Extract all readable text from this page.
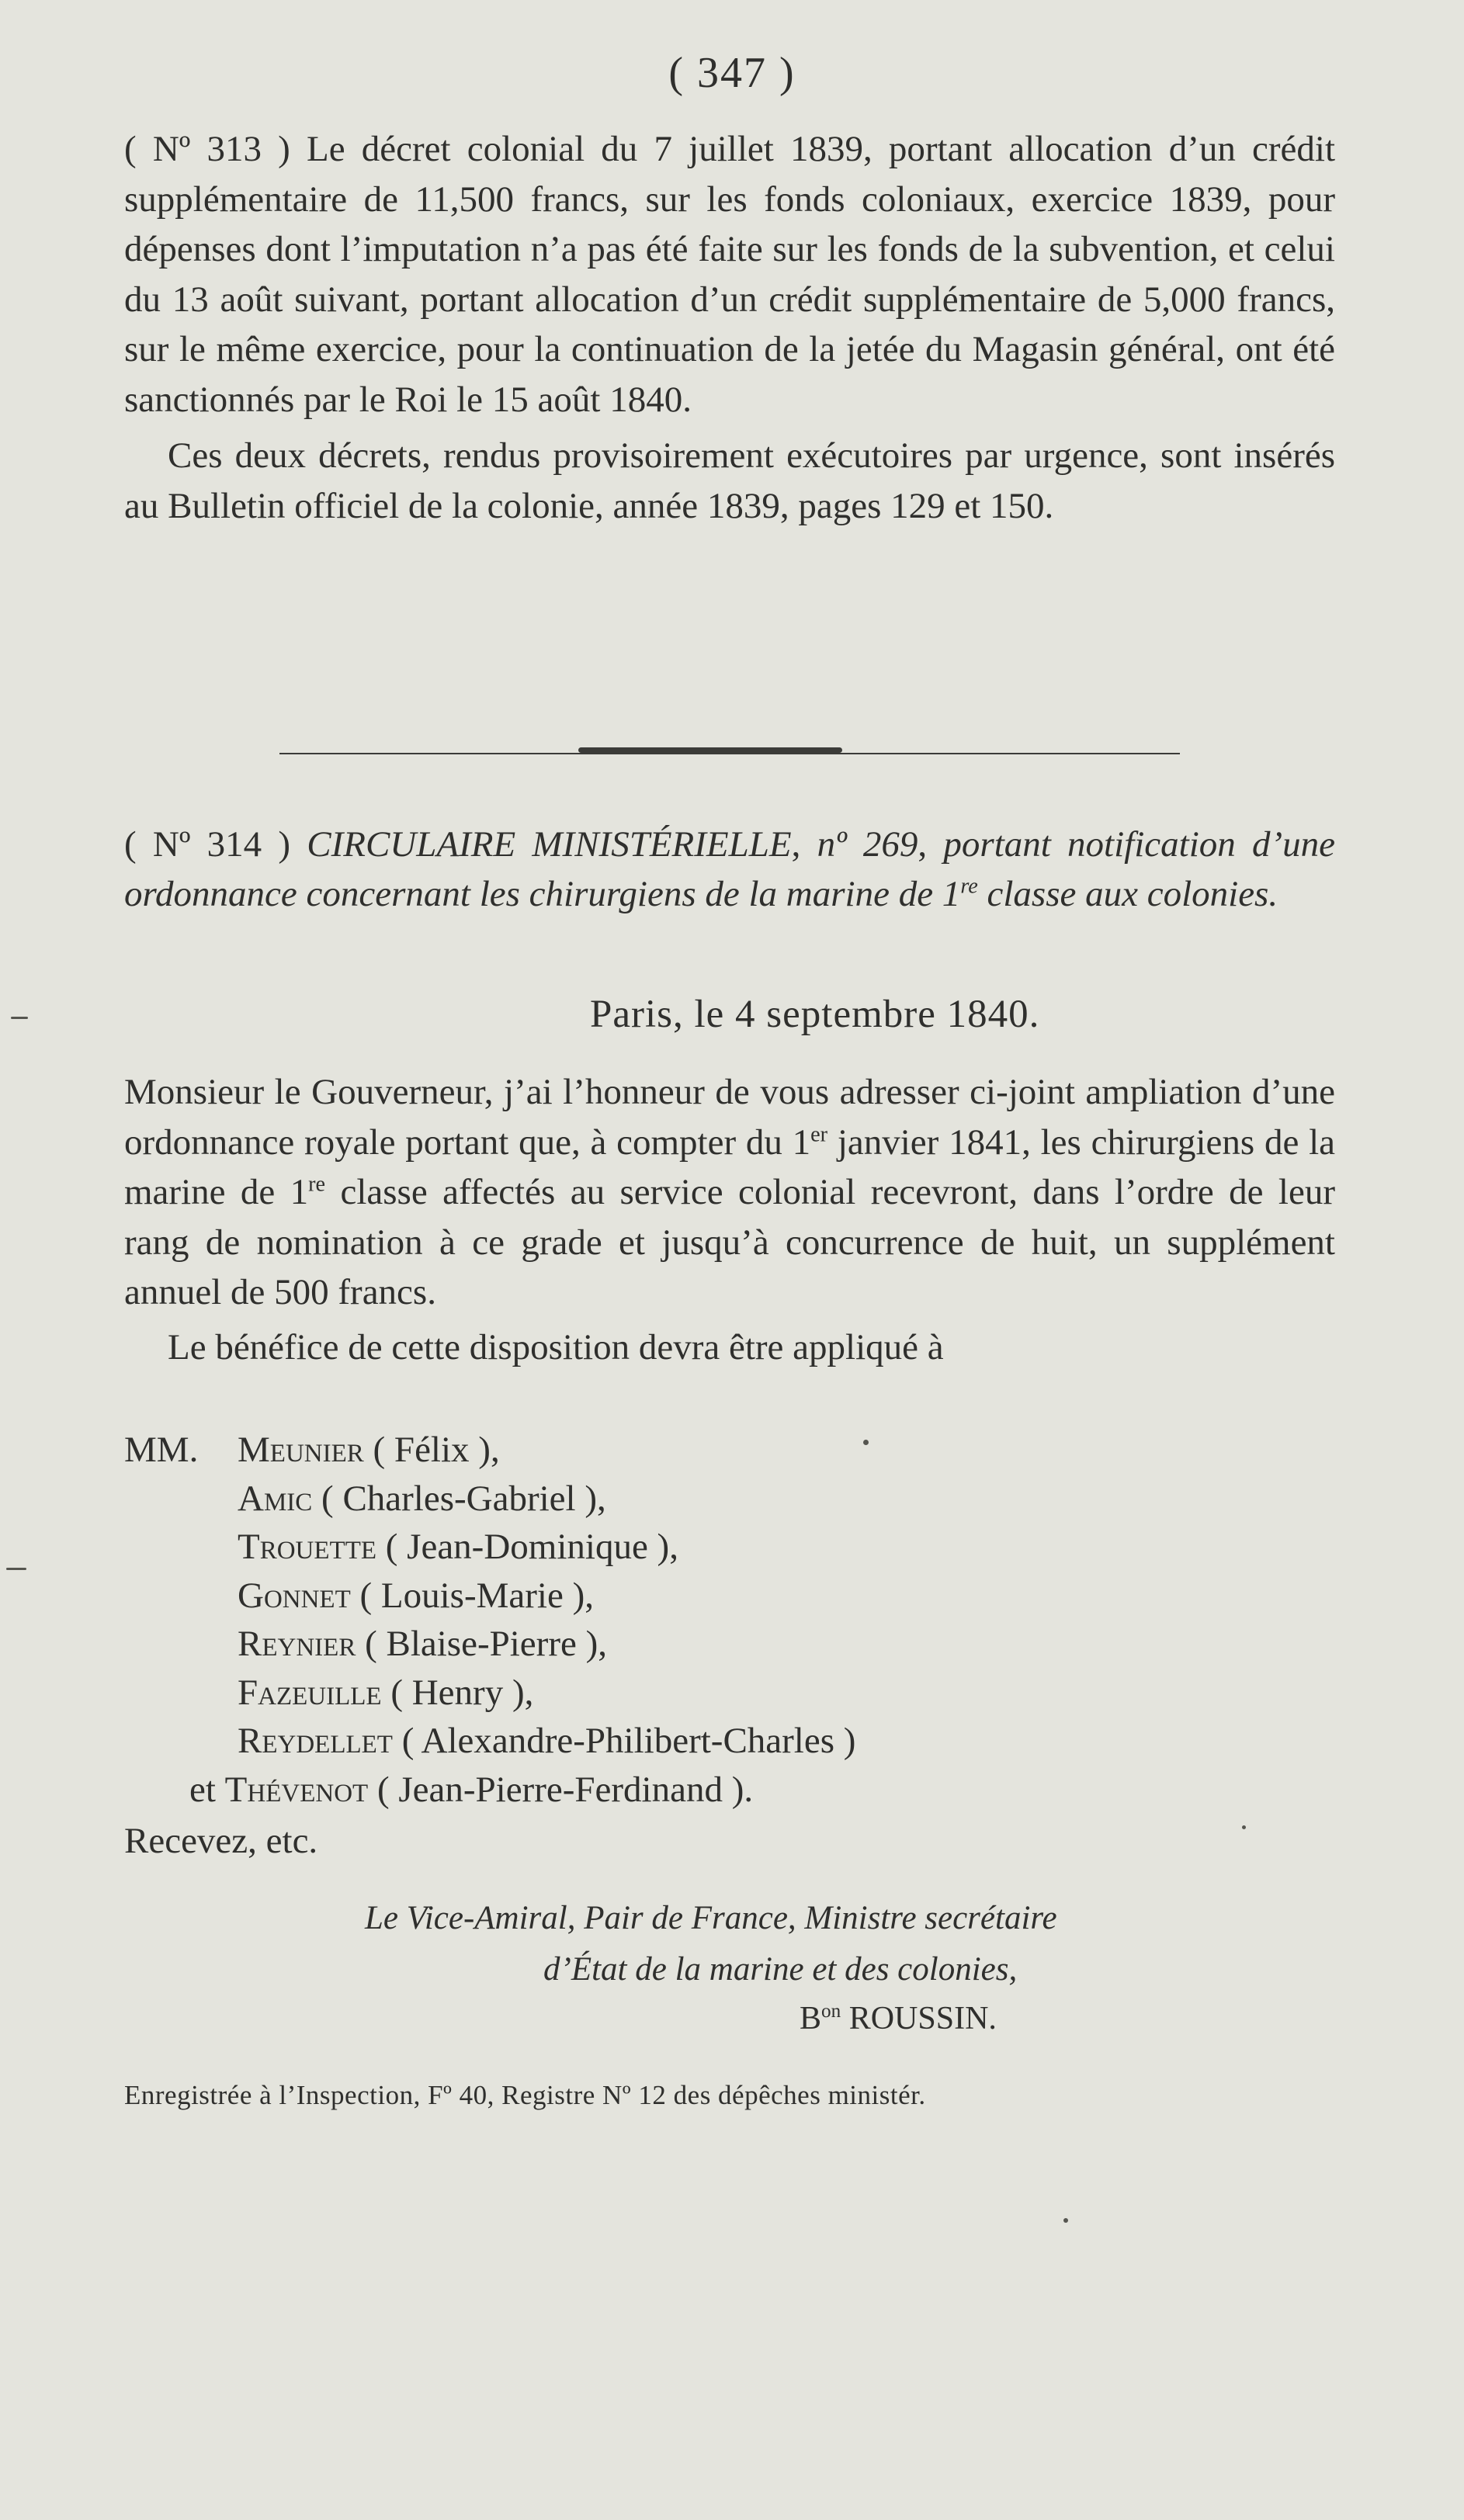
( 347 )

( Nº 313 ) Le décret colonial du 7 juillet 1839, portant allocation d’un crédit supplémentaire de 11,500 francs, sur les fonds coloniaux, exercice 1839, pour dépenses dont l’imputation n’a pas été faite sur les fonds de la subvention, et celui du 13 août suivant, portant allocation d’un crédit supplémentaire de 5,000 francs, sur le même exercice, pour la continuation de la jetée du Magasin général, ont été sanctionnés par le Roi le 15 août 1840.

Ces deux décrets, rendus provisoirement exécutoires par urgence, sont insérés au Bulletin officiel de la colonie, année 1839, pages 129 et 150.

( Nº 314 ) CIRCULAIRE MINISTÉRIELLE, nº 269, portant notification d’une ordonnance concernant les chirurgiens de la marine de 1re classe aux colonies.

Paris, le 4 septembre 1840.

Monsieur le Gouverneur, j’ai l’honneur de vous adresser ci-joint ampliation d’une ordonnance royale portant que, à compter du 1er janvier 1841, les chirurgiens de la marine de 1re classe affectés au service colonial recevront, dans l’ordre de leur rang de nomination à ce grade et jusqu’à concurrence de huit, un supplément annuel de 500 francs.

Le bénéfice de cette disposition devra être appliqué à

MM. Meunier ( Félix ),
Amic ( Charles-Gabriel ),
Trouette ( Jean-Dominique ),
Gonnet ( Louis-Marie ),
Reynier ( Blaise-Pierre ),
Fazeuille ( Henry ),
Reydellet ( Alexandre-Philibert-Charles )
et Thévenot ( Jean-Pierre-Ferdinand ).
Recevez, etc.
Le Vice-Amiral, Pair de France, Ministre secrétaire
d’État de la marine et des colonies,
$B^{on}$ ROUSSIN.
Enregistrée à l’Inspection, Fº 40, Registre Nº 12 des dépêches ministér.
